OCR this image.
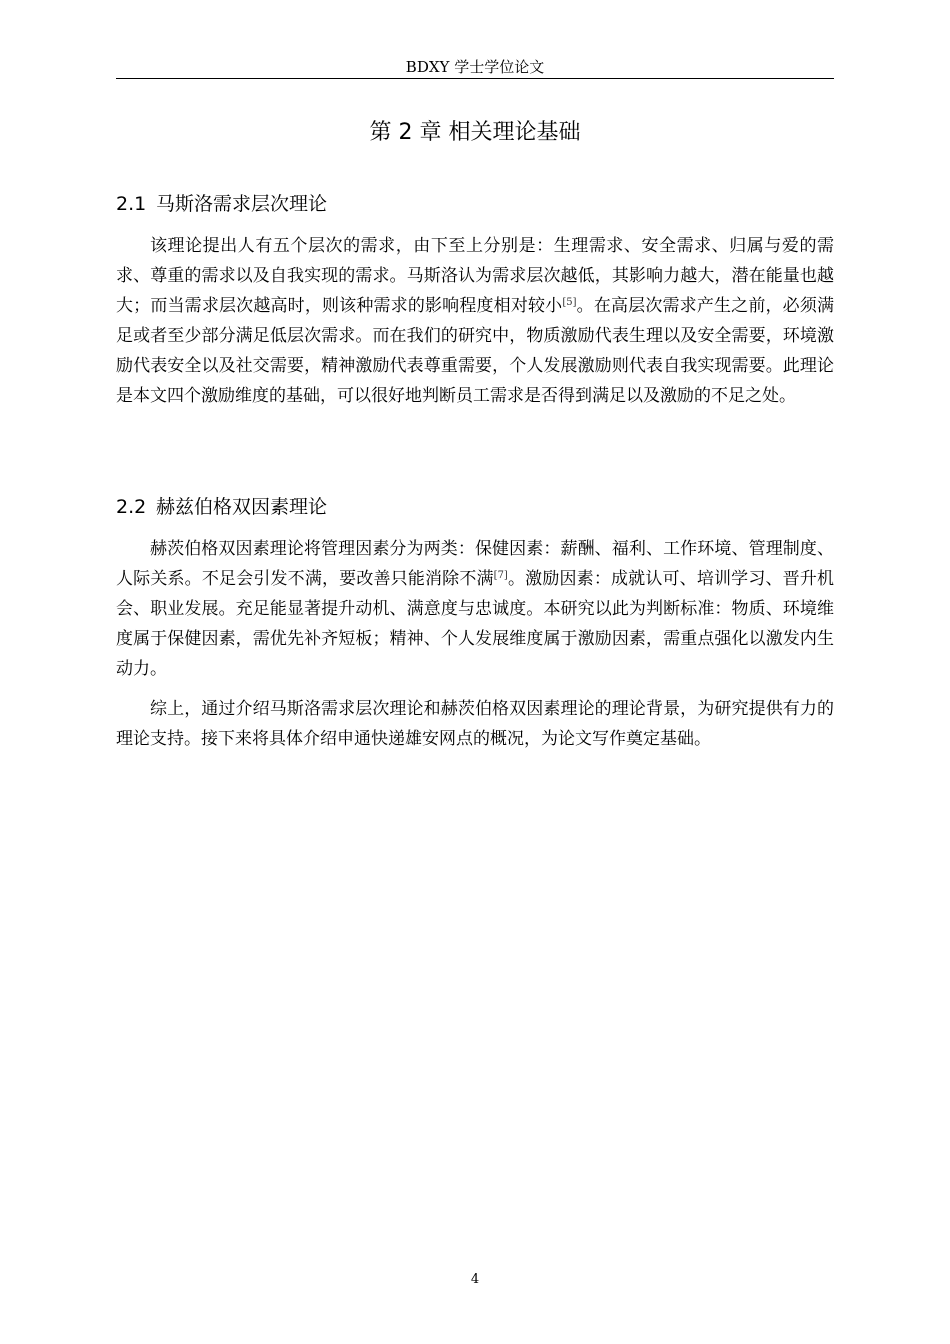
BDXY 学士学位论文
第 2 章 相关理论基础
2.1 马斯洛需求层次理论

该理论提出人有五个层次的需求，由下至上分别是：生理需求、安全需求、归属与爱的需求、尊重的需求以及自我实现的需求。马斯洛认为需求层次越低，其影响力越大，潜在能量也越大；而当需求层次越高时，则该种需求的影响程度相对较小[5]。在高层次需求产生之前，必须满足或者至少部分满足低层次需求。而在我们的研究中，物质激励代表生理以及安全需要，环境激励代表安全以及社交需要，精神激励代表尊重需要，个人发展激励则代表自我实现需要。此理论是本文四个激励维度的基础，可以很好地判断员工需求是否得到满足以及激励的不足之处。

2.2 赫兹伯格双因素理论

赫茨伯格双因素理论将管理因素分为两类：保健因素：薪酬、福利、工作环境、管理制度、人际关系。不足会引发不满，要改善只能消除不满[7]。激励因素：成就认可、培训学习、晋升机会、职业发展。充足能显著提升动机、满意度与忠诚度。本研究以此为判断标准：物质、环境维度属于保健因素，需优先补齐短板；精神、个人发展维度属于激励因素，需重点强化以激发内生动力。

综上，通过介绍马斯洛需求层次理论和赫茨伯格双因素理论的理论背景，为研究提供有力的理论支持。接下来将具体介绍申通快递雄安网点的概况，为论文写作奠定基础。

4
